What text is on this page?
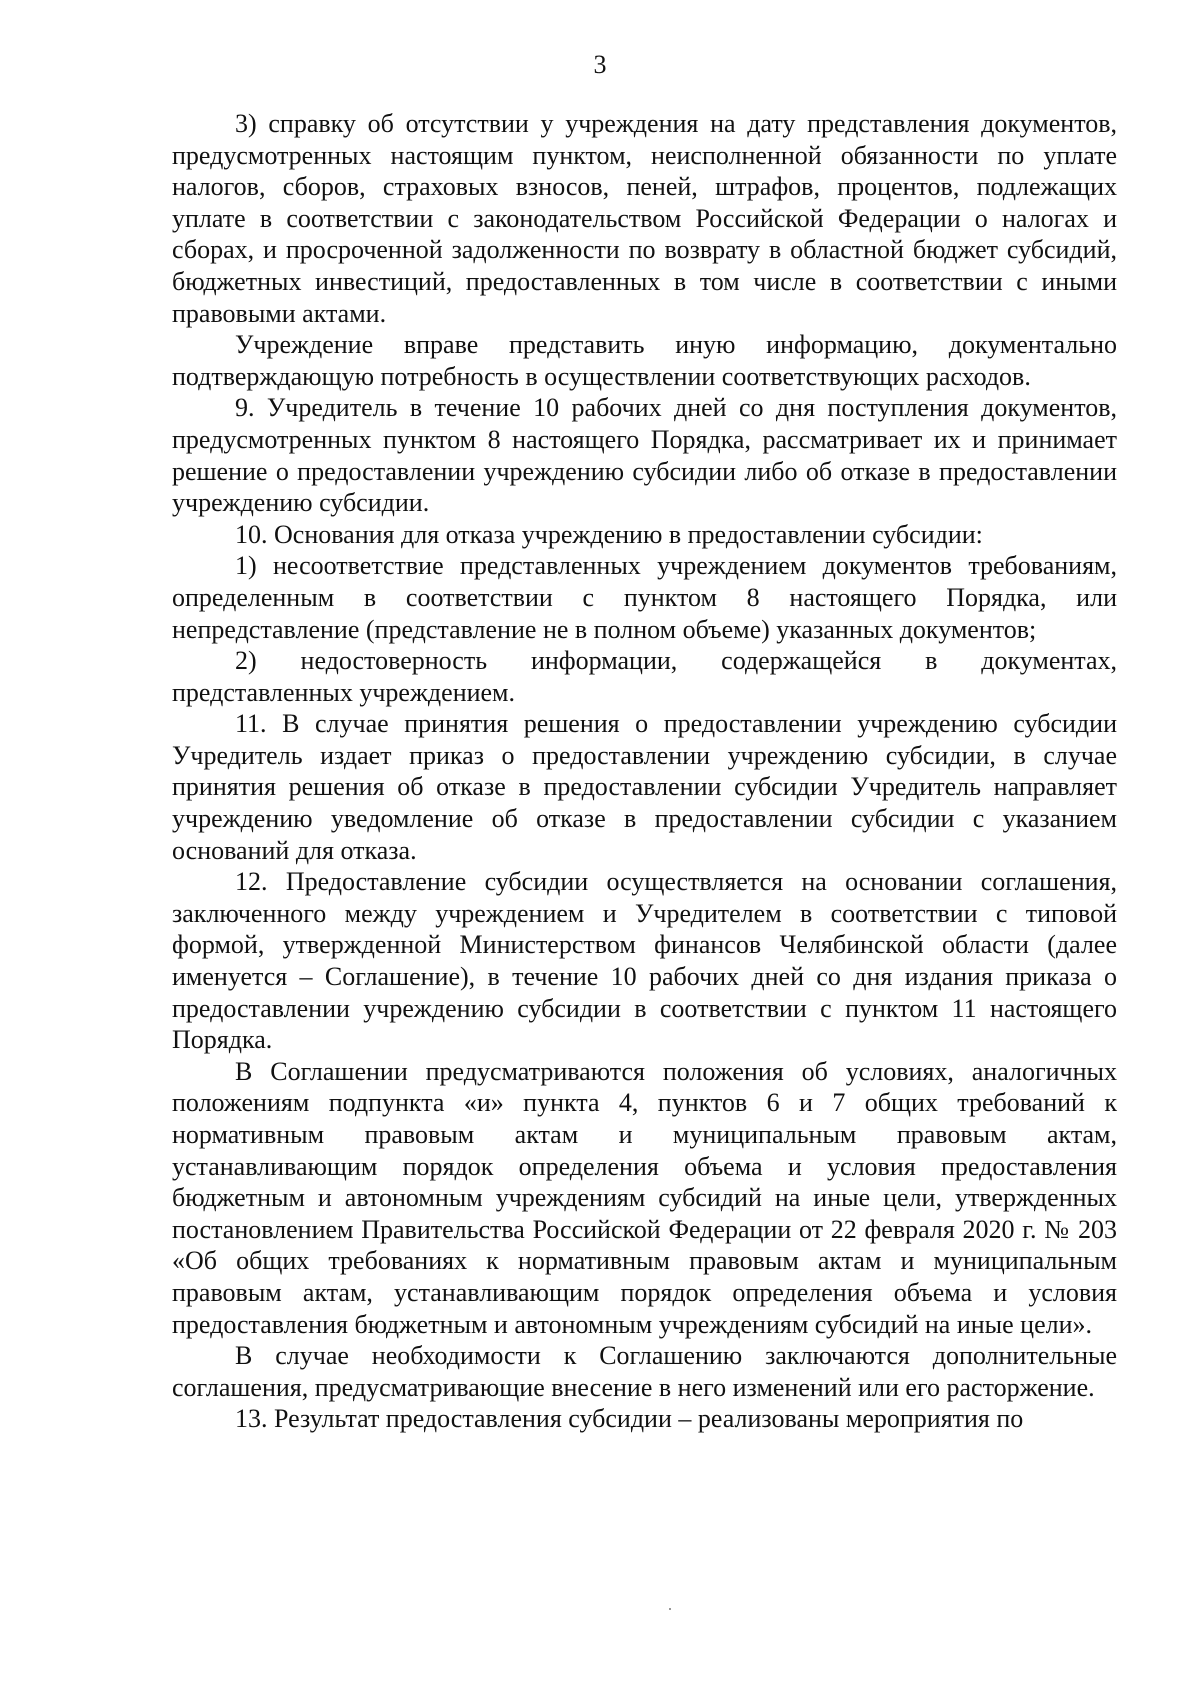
3

3) справку об отсутствии у учреждения на дату представления документов, предусмотренных настоящим пунктом, неисполненной обязанности по уплате налогов, сборов, страховых взносов, пеней, штрафов, процентов, подлежащих уплате в соответствии с законодательством Российской Федерации о налогах и сборах, и просроченной задолженности по возврату в областной бюджет субсидий, бюджетных инвестиций, предоставленных в том числе в соответствии с иными правовыми актами.

Учреждение вправе представить иную информацию, документально подтверждающую потребность в осуществлении соответствующих расходов.

9. Учредитель в течение 10 рабочих дней со дня поступления документов, предусмотренных пунктом 8 настоящего Порядка, рассматривает их и принимает решение о предоставлении учреждению субсидии либо об отказе в предоставлении учреждению субсидии.

10. Основания для отказа учреждению в предоставлении субсидии:

1) несоответствие представленных учреждением документов требованиям, определенным в соответствии с пунктом 8 настоящего Порядка, или непредставление (представление не в полном объеме) указанных документов;

2) недостоверность информации, содержащейся в документах, представленных учреждением.

11. В случае принятия решения о предоставлении учреждению субсидии Учредитель издает приказ о предоставлении учреждению субсидии, в случае принятия решения об отказе в предоставлении субсидии Учредитель направляет учреждению уведомление об отказе в предоставлении субсидии с указанием оснований для отказа.

12. Предоставление субсидии осуществляется на основании соглашения, заключенного между учреждением и Учредителем в соответствии с типовой формой, утвержденной Министерством финансов Челябинской области (далее именуется – Соглашение), в течение 10 рабочих дней со дня издания приказа о предоставлении учреждению субсидии в соответствии с пунктом 11 настоящего Порядка.

В Соглашении предусматриваются положения об условиях, аналогичных положениям подпункта «и» пункта 4, пунктов 6 и 7 общих требований к нормативным правовым актам и муниципальным правовым актам, устанавливающим порядок определения объема и условия предоставления бюджетным и автономным учреждениям субсидий на иные цели, утвержденных постановлением Правительства Российской Федерации от 22 февраля 2020 г. № 203 «Об общих требованиях к нормативным правовым актам и муниципальным правовым актам, устанавливающим порядок определения объема и условия предоставления бюджетным и автономным учреждениям субсидий на иные цели».

В случае необходимости к Соглашению заключаются дополнительные соглашения, предусматривающие внесение в него изменений или его расторжение.

13. Результат предоставления субсидии – реализованы мероприятия по
